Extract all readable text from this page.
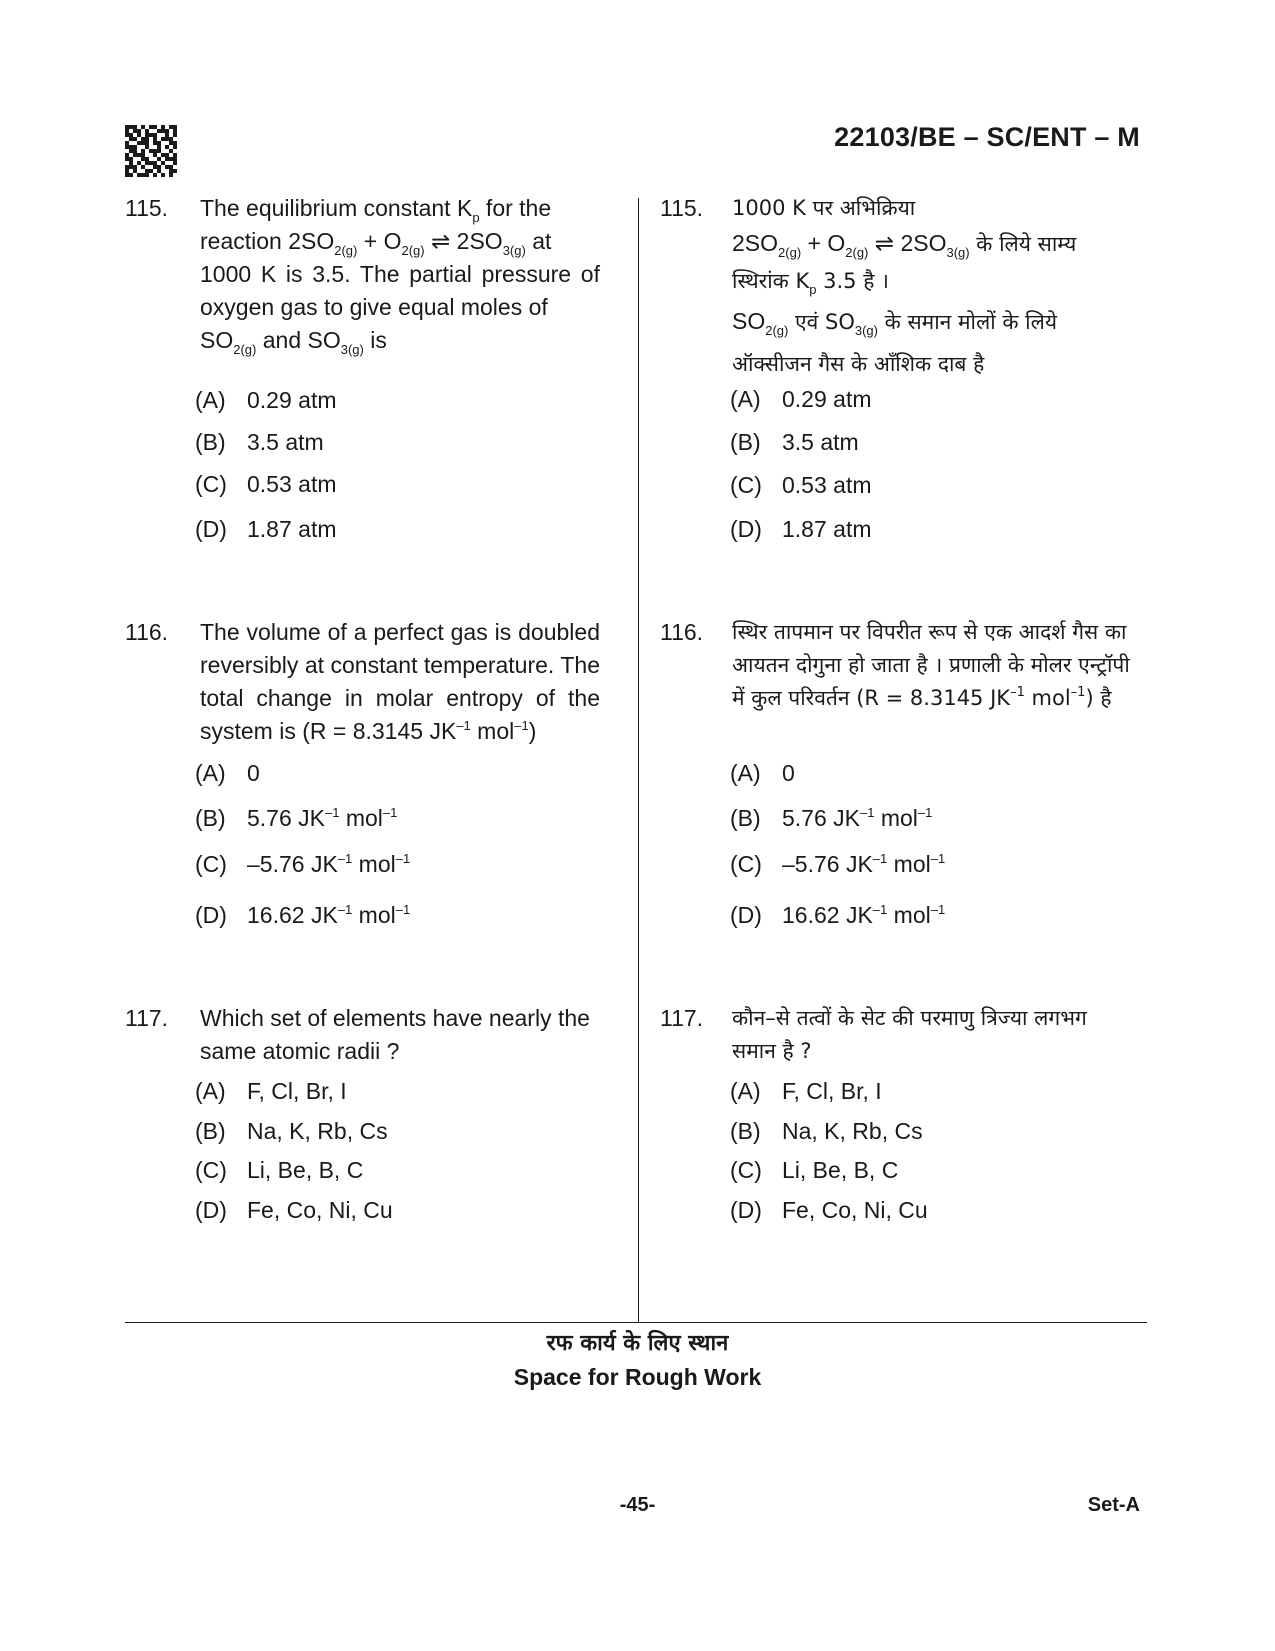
22103/BE – SC/ENT – M
115. The equilibrium constant $K_p$ for the
reaction $2SO_{2(g)} + O_{2(g)}$ ⇌ $2SO_{3(g)}$ at
1000 K is 3.5. The partial pressure of oxygen gas to give equal moles of
$SO_{2(g)}$ and $SO_{3(g)}$ is
(A) 0.29 atm
(B) 3.5 atm
(C) 0.53 atm
(D) 1.87 atm
116. The volume of a perfect gas is doubled reversibly at constant temperature. The total change in molar entropy of the system is (R = 8.3145 $JK^{-1}$ mol$^{-1}$)
(A) 0
(B) 5.76 $JK^{-1}$ mol$^{-1}$
(C) –5.76 $JK^{-1}$ mol$^{-1}$
(D) 16.62 $JK^{-1}$ mol$^{-1}$
117. Which set of elements have nearly the same atomic radii ?
(A) F, Cl, Br, I
(B) Na, K, Rb, Cs
(C) Li, Be, B, C
(D) Fe, Co, Ni, Cu
115. 1000 K पर अभिक्रिया
$2SO_{2(g)} + O_{2(g)}$ ⇌ $2SO_{3(g)}$ के लिये साम्य
स्थिरांक $K_p$ 3.5 है ।
$SO_{2(g)}$ एवं $SO_{3(g)}$ के समान मोलों के लिये
ऑक्सीजन गैस के आँशिक दाब है
(A) 0.29 atm
(B) 3.5 atm
(C) 0.53 atm
(D) 1.87 atm
116. स्थिर तापमान पर विपरीत रूप से एक आदर्श गैस का आयतन दोगुना हो जाता है । प्रणाली के मोलर एन्ट्रॉपी में कुल परिवर्तन (R = 8.3145 $JK^{-1}$ mol$^{-1}$) है
(A) 0
(B) 5.76 $JK^{-1}$ mol$^{-1}$
(C) –5.76 $JK^{-1}$ mol$^{-1}$
(D) 16.62 $JK^{-1}$ mol$^{-1}$
117. कौन–से तत्वों के सेट की परमाणु त्रिज्या लगभग समान है ?
(A) F, Cl, Br, I
(B) Na, K, Rb, Cs
(C) Li, Be, B, C
(D) Fe, Co, Ni, Cu
रफ कार्य के लिए स्थान
Space for Rough Work
-45-	Set-A
